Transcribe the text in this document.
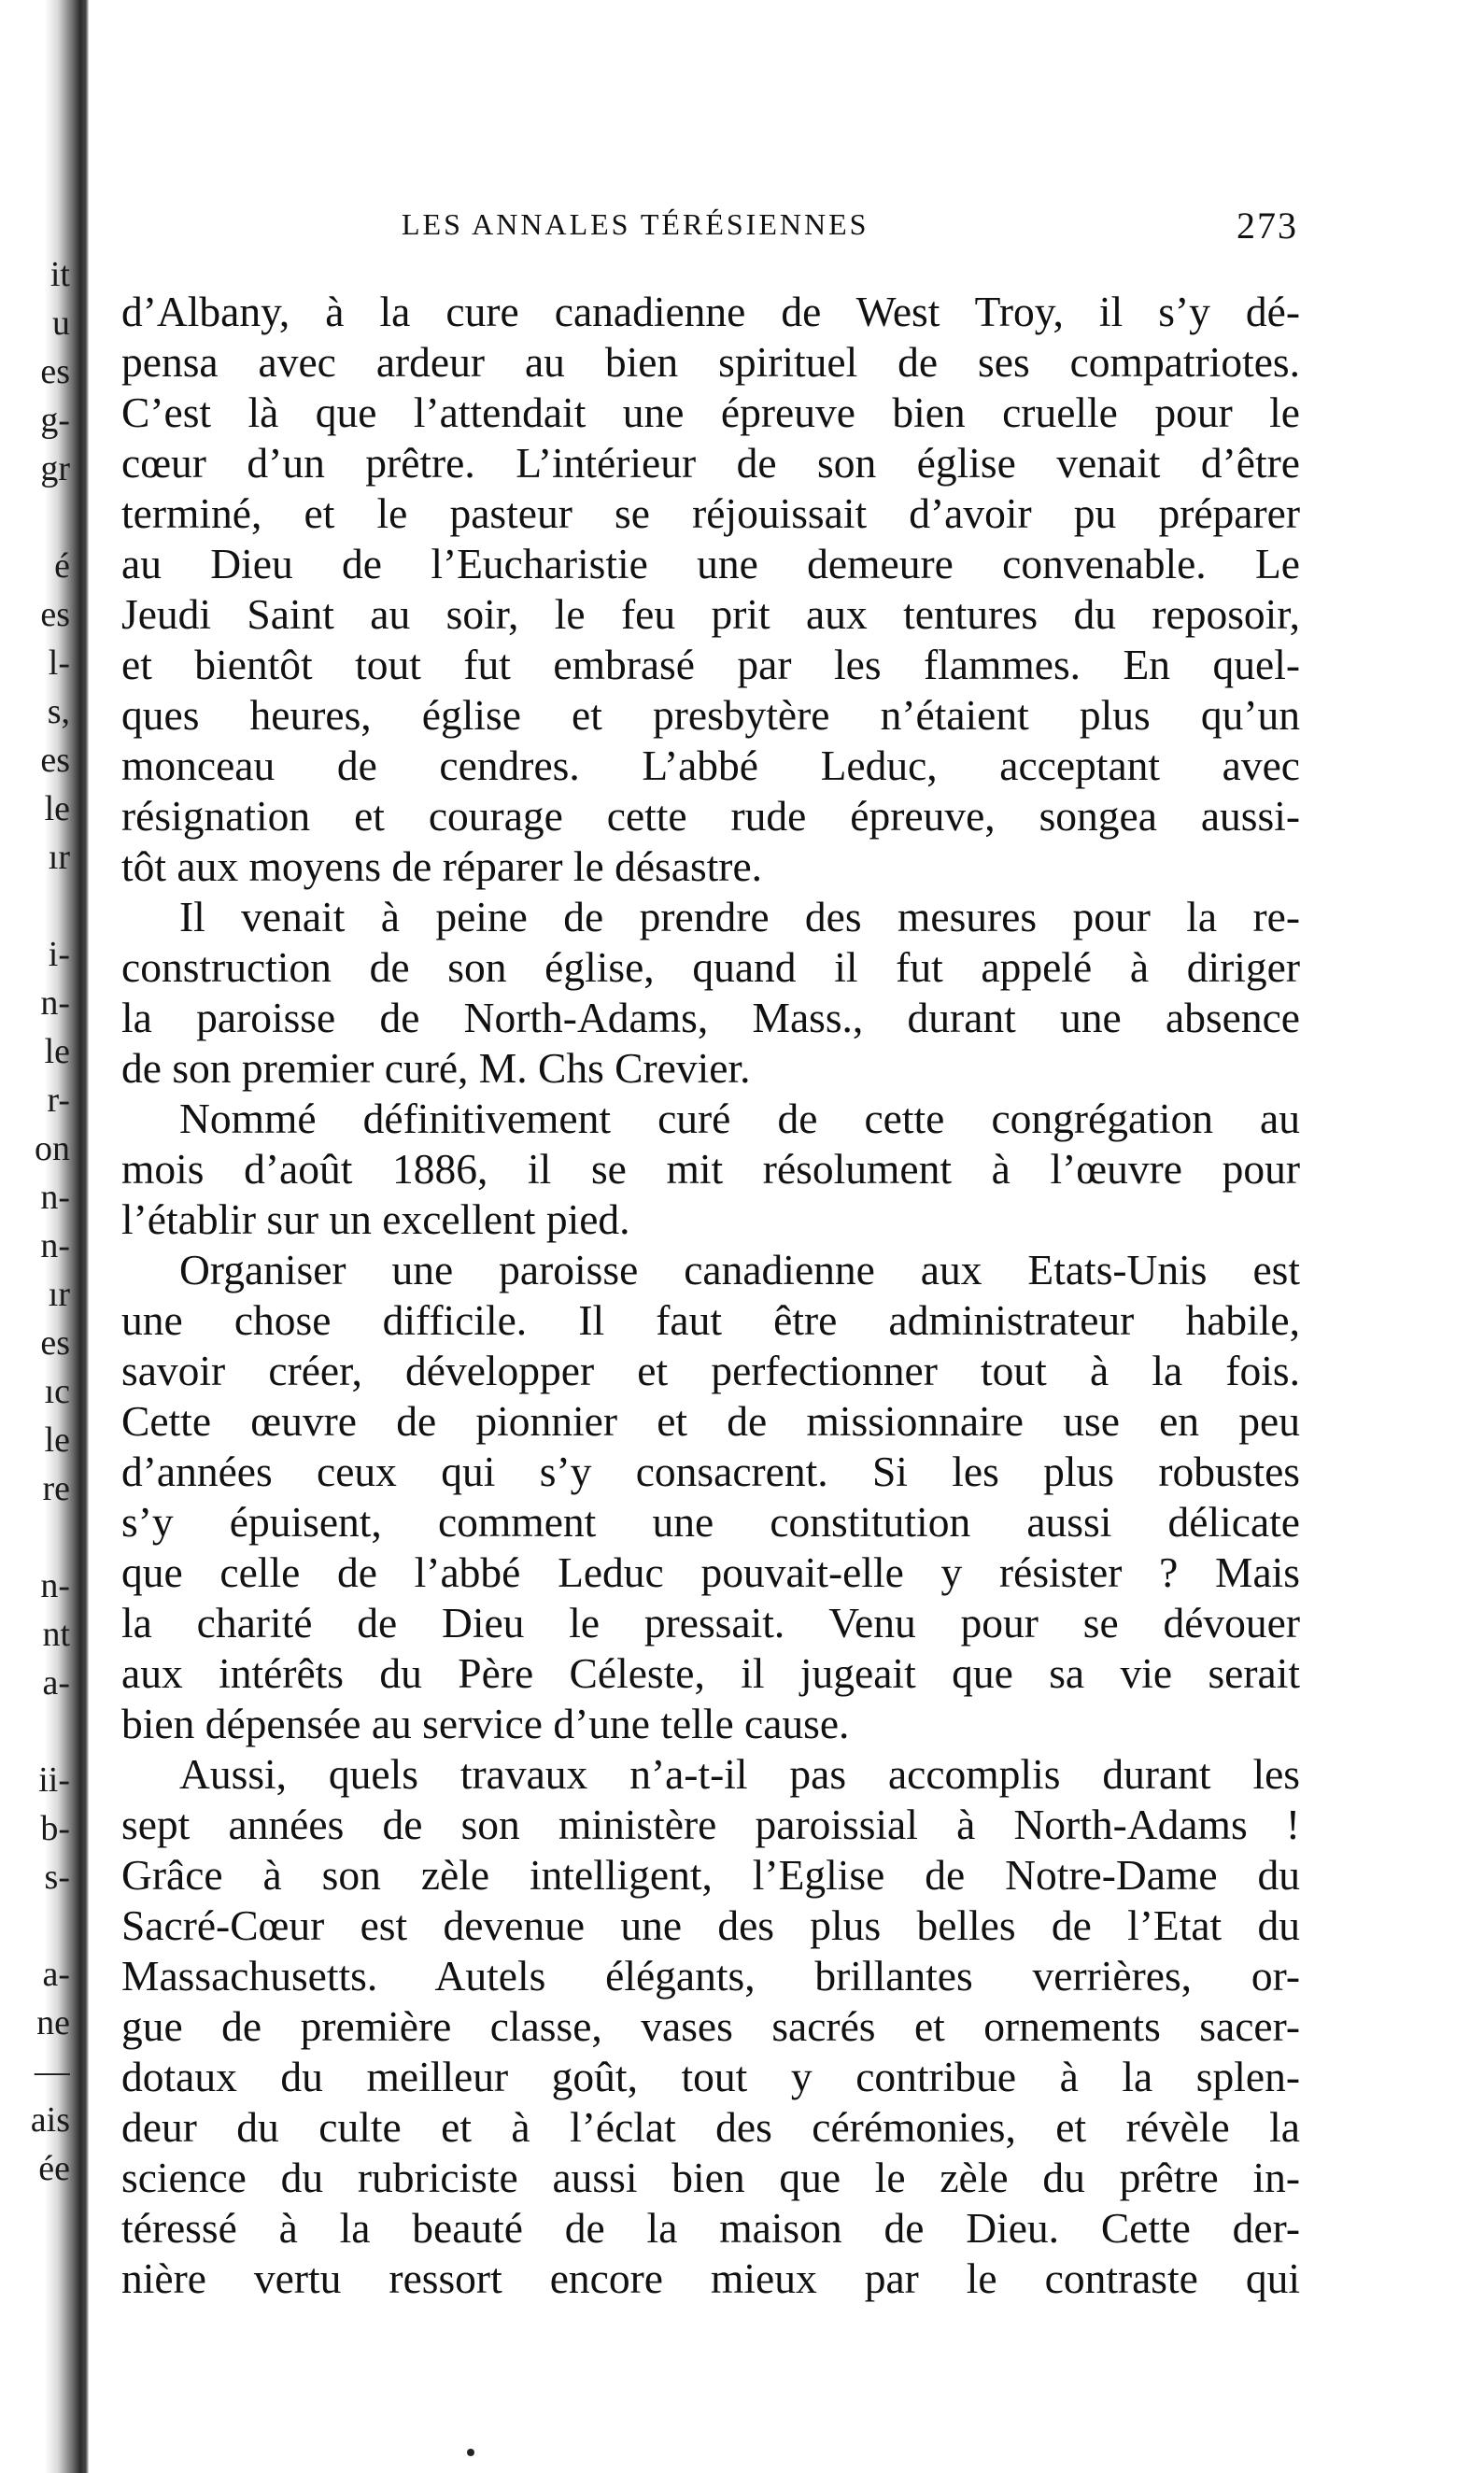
it
u
es
g-
gr
é
es
l-
s,
es
le
ır
i-
n-
le
r-
on
n-
n-
ır
es
ıc
le
re
n-
nt
a-
ii-
b-
s-
a-
ne
—
ais
ée
LES ANNALES TÉRÉSIENNES	273
d’Albany, à la cure canadienne de West Troy, il s’y dé-
pensa avec ardeur au bien spirituel de ses compatriotes.
C’est là que l’attendait une épreuve bien cruelle pour le
cœur d’un prêtre. L’intérieur de son église venait d’être
terminé, et le pasteur se réjouissait d’avoir pu préparer
au Dieu de l’Eucharistie une demeure convenable. Le
Jeudi Saint au soir, le feu prit aux tentures du reposoir,
et bientôt tout fut embrasé par les flammes. En quel-
ques heures, église et presbytère n’étaient plus qu’un
monceau de cendres. L’abbé Leduc, acceptant avec
résignation et courage cette rude épreuve, songea aussi-
tôt aux moyens de réparer le désastre.
Il venait à peine de prendre des mesures pour la re-
construction de son église, quand il fut appelé à diriger
la paroisse de North-Adams, Mass., durant une absence
de son premier curé, M. Chs Crevier.
Nommé définitivement curé de cette congrégation au
mois d’août 1886, il se mit résolument à l’œuvre pour
l’établir sur un excellent pied.
Organiser une paroisse canadienne aux Etats-Unis est
une chose difficile. Il faut être administrateur habile,
savoir créer, développer et perfectionner tout à la fois.
Cette œuvre de pionnier et de missionnaire use en peu
d’années ceux qui s’y consacrent. Si les plus robustes
s’y épuisent, comment une constitution aussi délicate
que celle de l’abbé Leduc pouvait-elle y résister ? Mais
la charité de Dieu le pressait. Venu pour se dévouer
aux intérêts du Père Céleste, il jugeait que sa vie serait
bien dépensée au service d’une telle cause.
Aussi, quels travaux n’a-t-il pas accomplis durant les
sept années de son ministère paroissial à North-Adams !
Grâce à son zèle intelligent, l’Eglise de Notre-Dame du
Sacré-Cœur est devenue une des plus belles de l’Etat du
Massachusetts. Autels élégants, brillantes verrières, or-
gue de première classe, vases sacrés et ornements sacer-
dotaux du meilleur goût, tout y contribue à la splen-
deur du culte et à l’éclat des cérémonies, et révèle la
science du rubriciste aussi bien que le zèle du prêtre in-
téressé à la beauté de la maison de Dieu. Cette der-
nière vertu ressort encore mieux par le contraste qui
